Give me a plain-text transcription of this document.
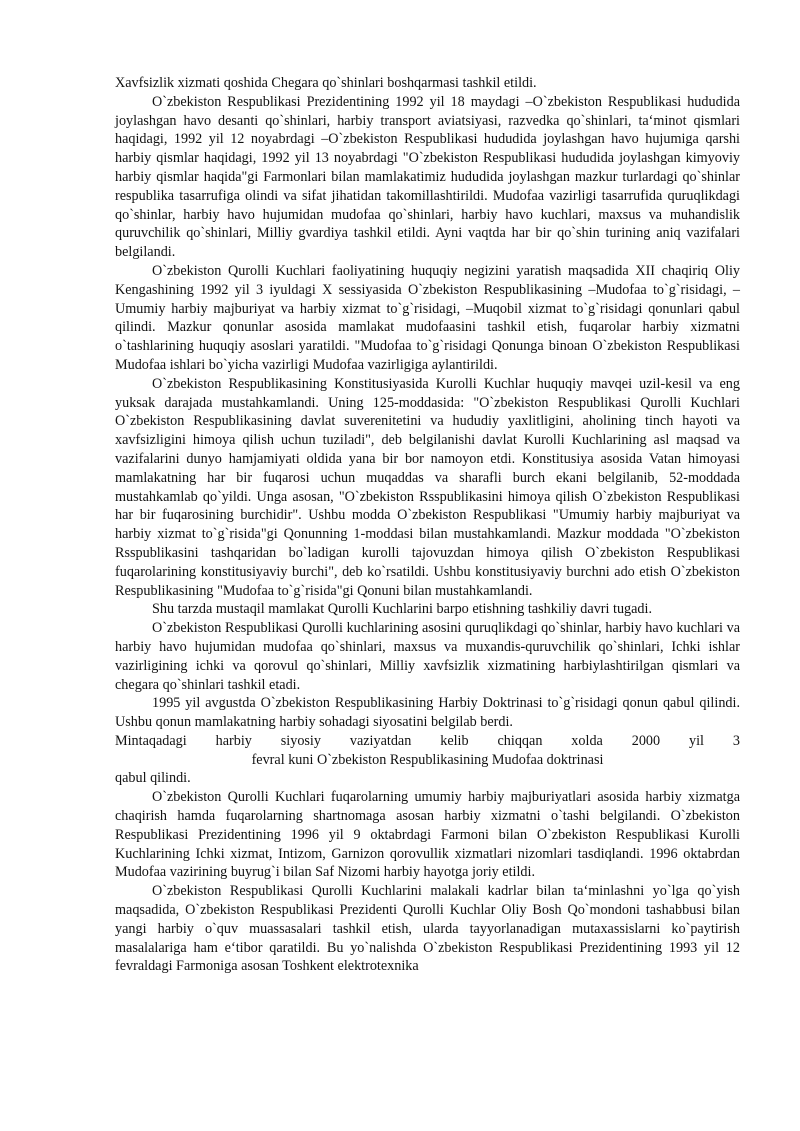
Xavfsizlik xizmati qoshida Chegara qo`shinlari boshqarmasi tashkil etildi.

O`zbekiston Respublikasi Prezidentining 1992 yil 18 maydagi –O`zbekiston Respublikasi hududida joylashgan havo desanti qo`shinlari, harbiy transport aviatsiyasi, razvedka qo`shinlari, ta‘minot qismlari haqidagi, 1992 yil 12 noyabrdagi –O`zbekiston Respublikasi hududida joylashgan havo hujumiga qarshi harbiy qismlar haqidagi, 1992 yil 13 noyabrdagi "O`zbekiston Respublikasi hududida joylashgan kimyoviy harbiy qismlar haqida"gi Farmonlari bilan mamlakatimiz hududida joylashgan mazkur turlardagi qo`shinlar respublika tasarrufiga olindi va sifat jihatidan takomillashtirildi. Mudofaa vazirligi tasarrufida quruqlikdagi qo`shinlar, harbiy havo hujumidan mudofaa qo`shinlari, harbiy havo kuchlari, maxsus va muhandislik quruvchilik qo`shinlari, Milliy gvardiya tashkil etildi. Ayni vaqtda har bir qo`shin turining aniq vazifalari belgilandi.

O`zbekiston Qurolli Kuchlari faoliyatining huquqiy negizini yaratish maqsadida XII chaqiriq Oliy Kengashining 1992 yil 3 iyuldagi X sessiyasida O`zbekiston Respublikasining –Mudofaa to`g`risidagi, –Umumiy harbiy majburiyat va harbiy xizmat to`g`risidagi, –Muqobil xizmat to`g`risidagi qonunlari qabul qilindi. Mazkur qonunlar asosida mamlakat mudofaasini tashkil etish, fuqarolar harbiy xizmatni o`tashlarining huquqiy asoslari yaratildi. "Mudofaa to`g`risidagi Qonunga binoan O`zbekiston Respublikasi Mudofaa ishlari bo`yicha vazirligi Mudofaa vazirligiga aylantirildi.

O`zbekiston Respublikasining Konstitusiyasida Kurolli Kuchlar huquqiy mavqei uzil-kesil va eng yuksak darajada mustahkamlandi. Uning 125-moddasida: "O`zbekiston Respublikasi Qurolli Kuchlari O`zbekiston Respublikasining davlat suverenitetini va hududiy yaxlitligini, aholining tinch hayoti va xavfsizligini himoya qilish uchun tuziladi", deb belgilanishi davlat Kurolli Kuchlarining asl maqsad va vazifalarini dunyo hamjamiyati oldida yana bir bor namoyon etdi. Konstitusiya asosida Vatan himoyasi mamlakatning har bir fuqarosi uchun muqaddas va sharafli burch ekani belgilanib, 52-moddada mustahkamlab qo`yildi. Unga asosan, "O`zbekiston Rsspublikasini himoya qilish O`zbekiston Respublikasi har bir fuqarosining burchidir". Ushbu modda O`zbekiston Respublikasi "Umumiy harbiy majburiyat va harbiy xizmat to`g`risida"gi Qonunning 1-moddasi bilan mustahkamlandi. Mazkur moddada "O`zbekiston Rsspublikasini tashqaridan bo`ladigan kurolli tajovuzdan himoya qilish O`zbekiston Respublikasi fuqarolarining konstitusiyaviy burchi", deb ko`rsatildi. Ushbu konstitusiyaviy burchni ado etish O`zbekiston Respublikasining "Mudofaa to`g`risida"gi Qonuni bilan mustahkamlandi.

Shu tarzda mustaqil mamlakat Qurolli Kuchlarini barpo etishning tashkiliy davri tugadi.

O`zbekiston Respublikasi Qurolli kuchlarining asosini quruqlikdagi qo`shinlar, harbiy havo kuchlari va harbiy havo hujumidan mudofaa qo`shinlari, maxsus va muxandis-quruvchilik qo`shinlari, Ichki ishlar vazirligining ichki va qorovul qo`shinlari, Milliy xavfsizlik xizmatining harbiylashtirilgan qismlari va chegara qo`shinlari tashkil etadi.

1995 yil avgustda O`zbekiston Respublikasining Harbiy Doktrinasi to`g`risidagi qonun qabul qilindi. Ushbu qonun mamlakatning harbiy sohadagi siyosatini belgilab berdi.

Mintaqadagi harbiy siyosiy vaziyatdan kelib chiqqan xolda 2000 yil 3

fevral kuni O`zbekiston Respublikasining Mudofaa doktrinasi

qabul qilindi.

O`zbekiston Qurolli Kuchlari fuqarolarning umumiy harbiy majburiyatlari asosida harbiy xizmatga chaqirish hamda fuqarolarning shartnomaga asosan harbiy xizmatni o`tashi belgilandi. O`zbekiston Respublikasi Prezidentining 1996 yil 9 oktabrdagi Farmoni bilan O`zbekiston Respublikasi Kurolli Kuchlarining Ichki xizmat, Intizom, Garnizon qorovullik xizmatlari nizomlari tasdiqlandi. 1996 oktabrdan Mudofaa vazirining buyrug`i bilan Saf Nizomi harbiy hayotga joriy etildi.

O`zbekiston Respublikasi Qurolli Kuchlarini malakali kadrlar bilan ta‘minlashni yo`lga qo`yish maqsadida, O`zbekiston Respublikasi Prezidenti Qurolli Kuchlar Oliy Bosh Qo`mondoni tashabbusi bilan yangi harbiy o`quv muassasalari tashkil etish, ularda tayyorlanadigan mutaxassislarni ko`paytirish masalalariga ham e‘tibor qaratildi. Bu yo`nalishda O`zbekiston Respublikasi Prezidentining 1993 yil 12 fevraldagi Farmoniga asosan Toshkent elektrotexnika
